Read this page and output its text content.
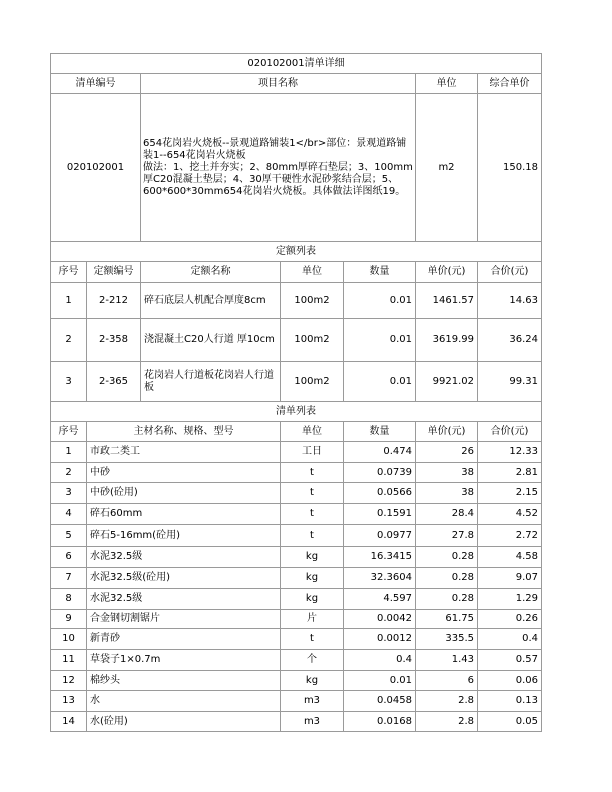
020102001清单详细						
清单编号		项目名称			单位	综合单价
020102001		654花岗岩火烧板--景观道路铺装1</br>部位：景观道路铺装1--654花岗岩火烧板
做法：1、挖土并夯实；2、80mm厚碎石垫层；3、100mm厚C20混凝土垫层；4、30厚干硬性水泥砂浆结合层；5、600*600*30mm654花岗岩火烧板。具体做法详图纸19。			m2	150.18
定额列表						
序号	定额编号	定额名称	单位	数量	单价(元)	合价(元)
1	2-212	碎石底层人机配合厚度8cm	100m2	0.01	1461.57	14.63
2	2-358	浇混凝土C20人行道 厚10cm	100m2	0.01	3619.99	36.24
3	2-365	花岗岩人行道板花岗岩人行道板	100m2	0.01	9921.02	99.31
清单列表						
序号	主材名称、规格、型号		单位	数量	单价(元)	合价(元)
1	市政二类工		工日	0.474	26	12.33
2	中砂		t	0.0739	38	2.81
3	中砂(砼用)		t	0.0566	38	2.15
4	碎石60mm		t	0.1591	28.4	4.52
5	碎石5-16mm(砼用)		t	0.0977	27.8	2.72
6	水泥32.5级		kg	16.3415	0.28	4.58
7	水泥32.5级(砼用)		kg	32.3604	0.28	9.07
8	水泥32.5级		kg	4.597	0.28	1.29
9	合金钢切割锯片		片	0.0042	61.75	0.26
10	新青砂		t	0.0012	335.5	0.4
11	草袋子1×0.7m		个	0.4	1.43	0.57
12	棉纱头		kg	0.01	6	0.06
13	水		m3	0.0458	2.8	0.13
14	水(砼用)		m3	0.0168	2.8	0.05
